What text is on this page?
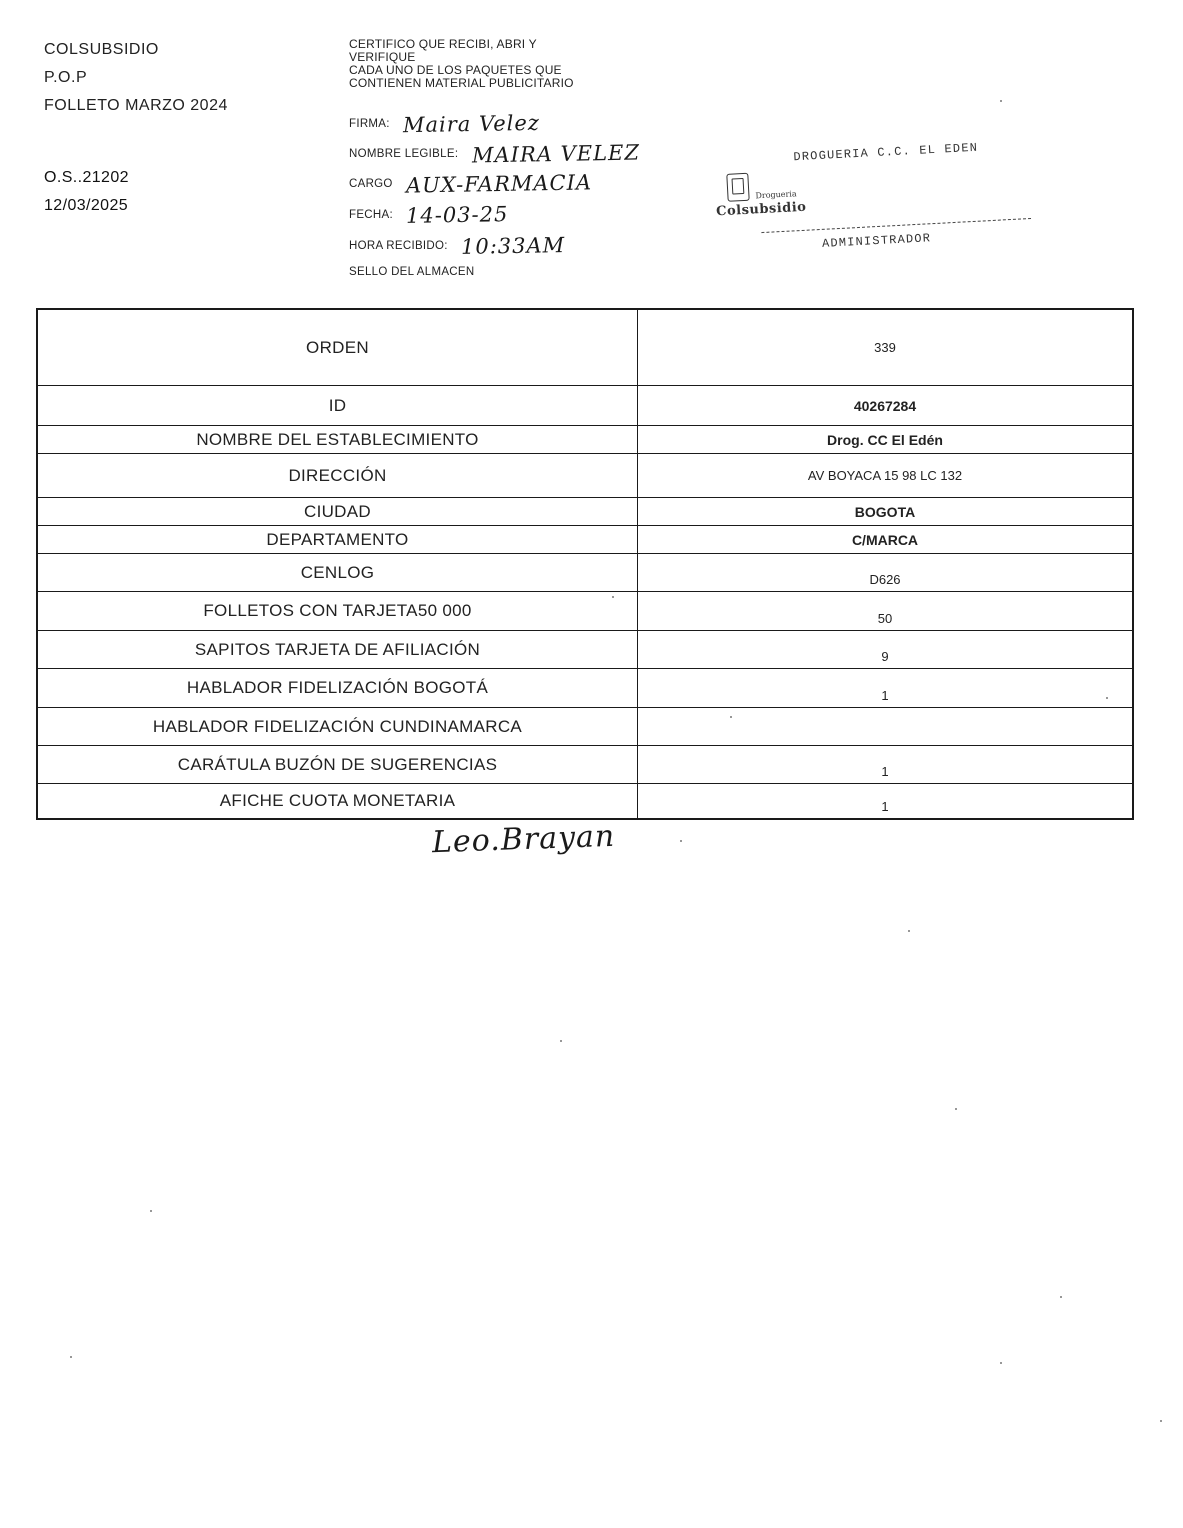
COLSUBSIDIO
P.O.P
FOLLETO MARZO 2024
O.S..21202
12/03/2025
CERTIFICO QUE RECIBI, ABRI Y
VERIFIQUE
CADA UNO DE LOS PAQUETES QUE
CONTIENEN MATERIAL PUBLICITARIO
FIRMA: Maira Velez
NOMBRE LEGIBLE: MAIRA VELEZ
CARGO AUX-FARMACIA
FECHA: 14-03-25
HORA RECIBIDO: 10:33AM
SELLO DEL ALMACEN
DROGUERIA C.C. EL EDEN
Drogueria
Colsubsidio
ADMINISTRADOR
ORDEN	339
ID	40267284
NOMBRE DEL ESTABLECIMIENTO	Drog. CC El Edén
DIRECCIÓN	AV BOYACA 15 98 LC 132
CIUDAD	BOGOTA
DEPARTAMENTO	C/MARCA
CENLOG	D626
FOLLETOS CON TARJETA50 000	50
SAPITOS TARJETA DE AFILIACIÓN	9
HABLADOR FIDELIZACIÓN BOGOTÁ	1
HABLADOR FIDELIZACIÓN CUNDINAMARCA
CARÁTULA BUZÓN DE SUGERENCIAS	1
AFICHE CUOTA MONETARIA	1
Leo.Brayan
